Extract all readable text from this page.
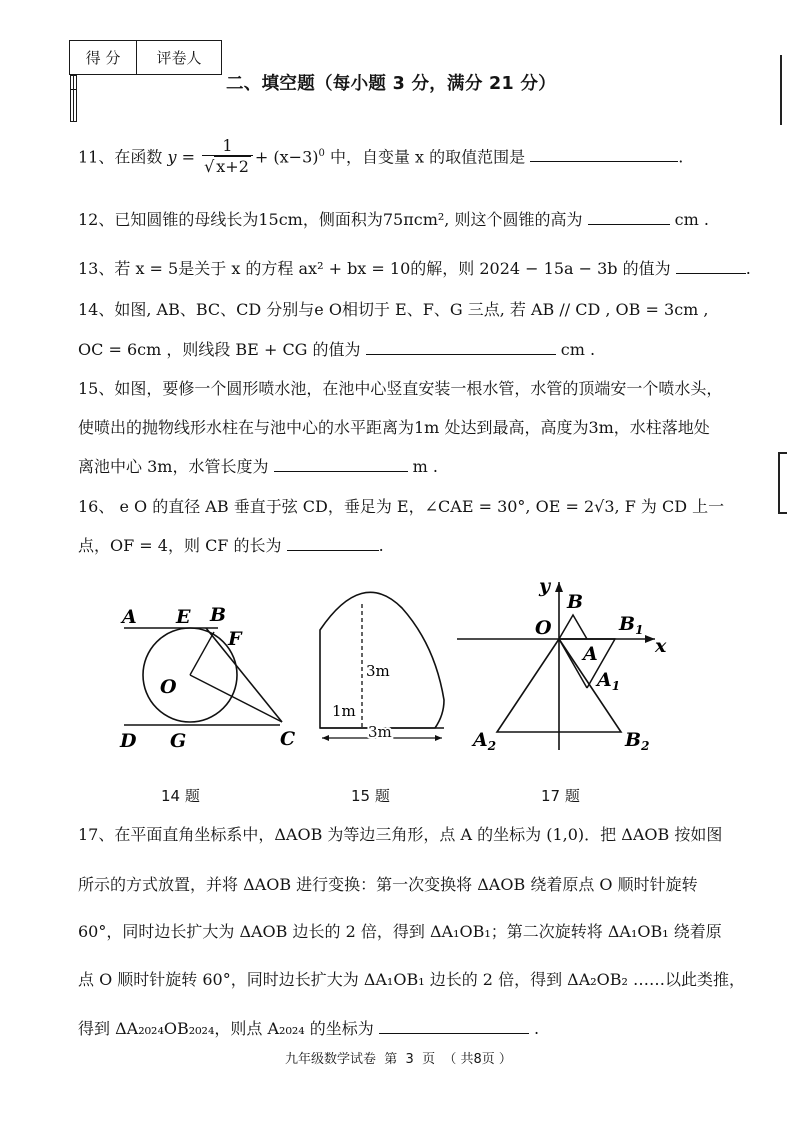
得 分	评卷人

二、填空题（每小题 3 分，满分 21 分）
11、在函数 $y = \frac{1}{√ x+2} + (x-3)^0$ 中，自变量 x 的取值范围是	.
12、已知圆锥的母线长为15cm，侧面积为75πcm², 则这个圆锥的高为	cm .
13、若 x = 5是关于 x 的方程 ax² + bx = 10的解，则 2024 − 15a − 3b 的值为	.
14、如图, AB、BC、CD 分别与e O相切于 E、F、G 三点, 若 AB // CD , OB = 3cm ,
OC = 6cm ，则线段 BE + CG 的值为	cm .
15、如图，要修一个圆形喷水池，在池中心竖直安装一根水管，水管的顶端安一个喷水头，
使喷出的抛物线形水柱在与池中心的水平距离为1m 处达到最高，高度为3m，水柱落地处
离池中心 3m，水管长度为	m .
16、 e O 的直径 AB 垂直于弦 CD，垂足为 E，∠CAE = 30°, OE = 2√3, F 为 CD 上一
点，OF = 4，则 CF 的长为	.
A E B
F
O
D G	C
14 题
3m
1m
3m
15 题
y
B
O	$B_1$
x
A
$A_1$
$A_2$	$B_2$
17 题
17、在平面直角坐标系中，ΔAOB 为等边三角形，点 A 的坐标为 (1,0)．把 ΔAOB 按如图
所示的方式放置，并将 ΔAOB 进行变换：第一次变换将 ΔAOB 绕着原点 O 顺时针旋转
60°，同时边长扩大为 ΔAOB 边长的 2 倍，得到 ΔA₁OB₁；第二次旋转将 ΔA₁OB₁ 绕着原
点 O 顺时针旋转 60°，同时边长扩大为 ΔA₁OB₁ 边长的 2 倍，得到 ΔA₂OB₂ ……以此类推，
得到 ΔA₂₀₂₄OB₂₀₂₄，则点 A₂₀₂₄ 的坐标为	.
九年级数学试卷  第  3  页  （ 共8页 ）
